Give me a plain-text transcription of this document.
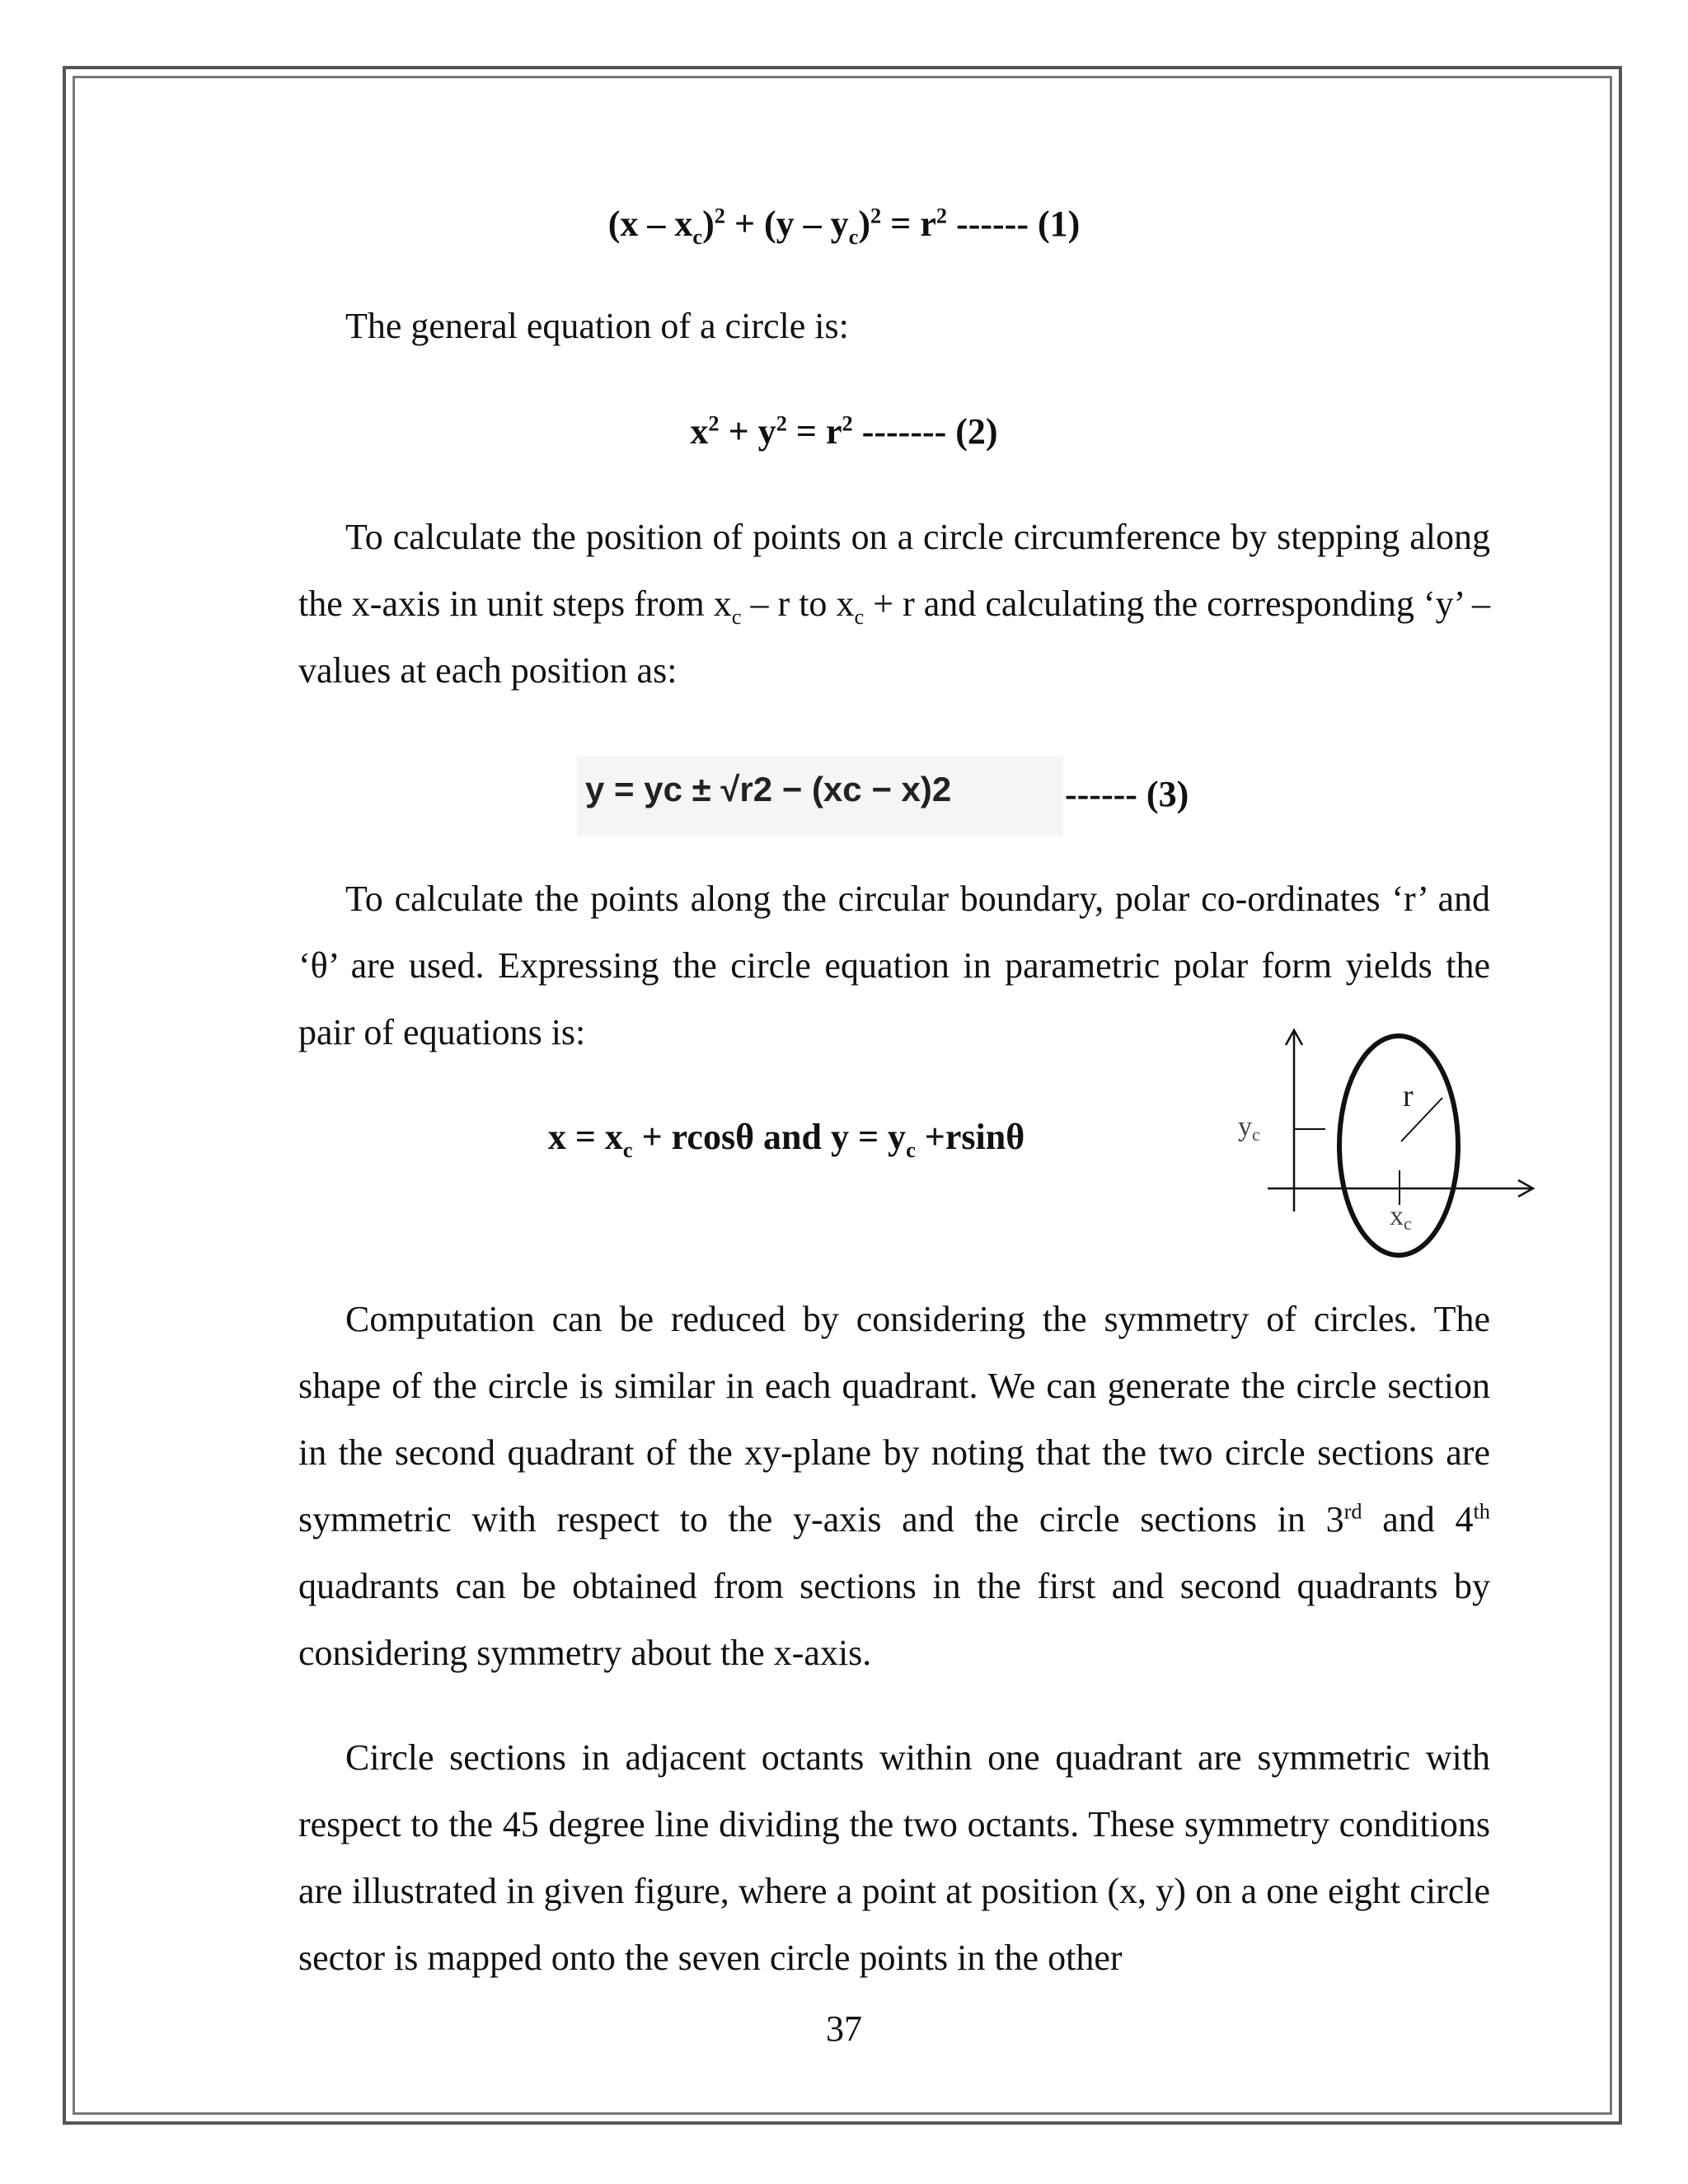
$(x - x_c)^2 + (y - y_c)^2 = r^2$ ------ (1)
The general equation of a circle is:
$x^2 + y^2 = r^2$ ------- (2)
To calculate the position of points on a circle circumference by stepping along the x-axis in unit steps from $x_c$ – r to $x_c + r$ and calculating the corresponding ‘y’ – values at each position as:
y = yc ± √r2 − (xc − x)2	------ (3)
To calculate the points along the circular boundary, polar co-ordinates ‘r’ and ‘θ’ are used. Expressing the circle equation in parametric polar form yields the pair of equations is:
$x = x_c + rcos\theta$ and $y = y_c +rsin\theta$
r
yc
xc
Computation can be reduced by considering the symmetry of circles. The shape of the circle is similar in each quadrant. We can generate the circle section in the second quadrant of the xy-plane by noting that the two circle sections are symmetric with respect to the y-axis and the circle sections in 3rd and 4th quadrants can be obtained from sections in the first and second quadrants by considering symmetry about the x-axis.
Circle sections in adjacent octants within one quadrant are symmetric with respect to the 45 degree line dividing the two octants. These symmetry conditions are illustrated in given figure, where a point at position (x, y) on a one eight circle sector is mapped onto the seven circle points in the other
37
